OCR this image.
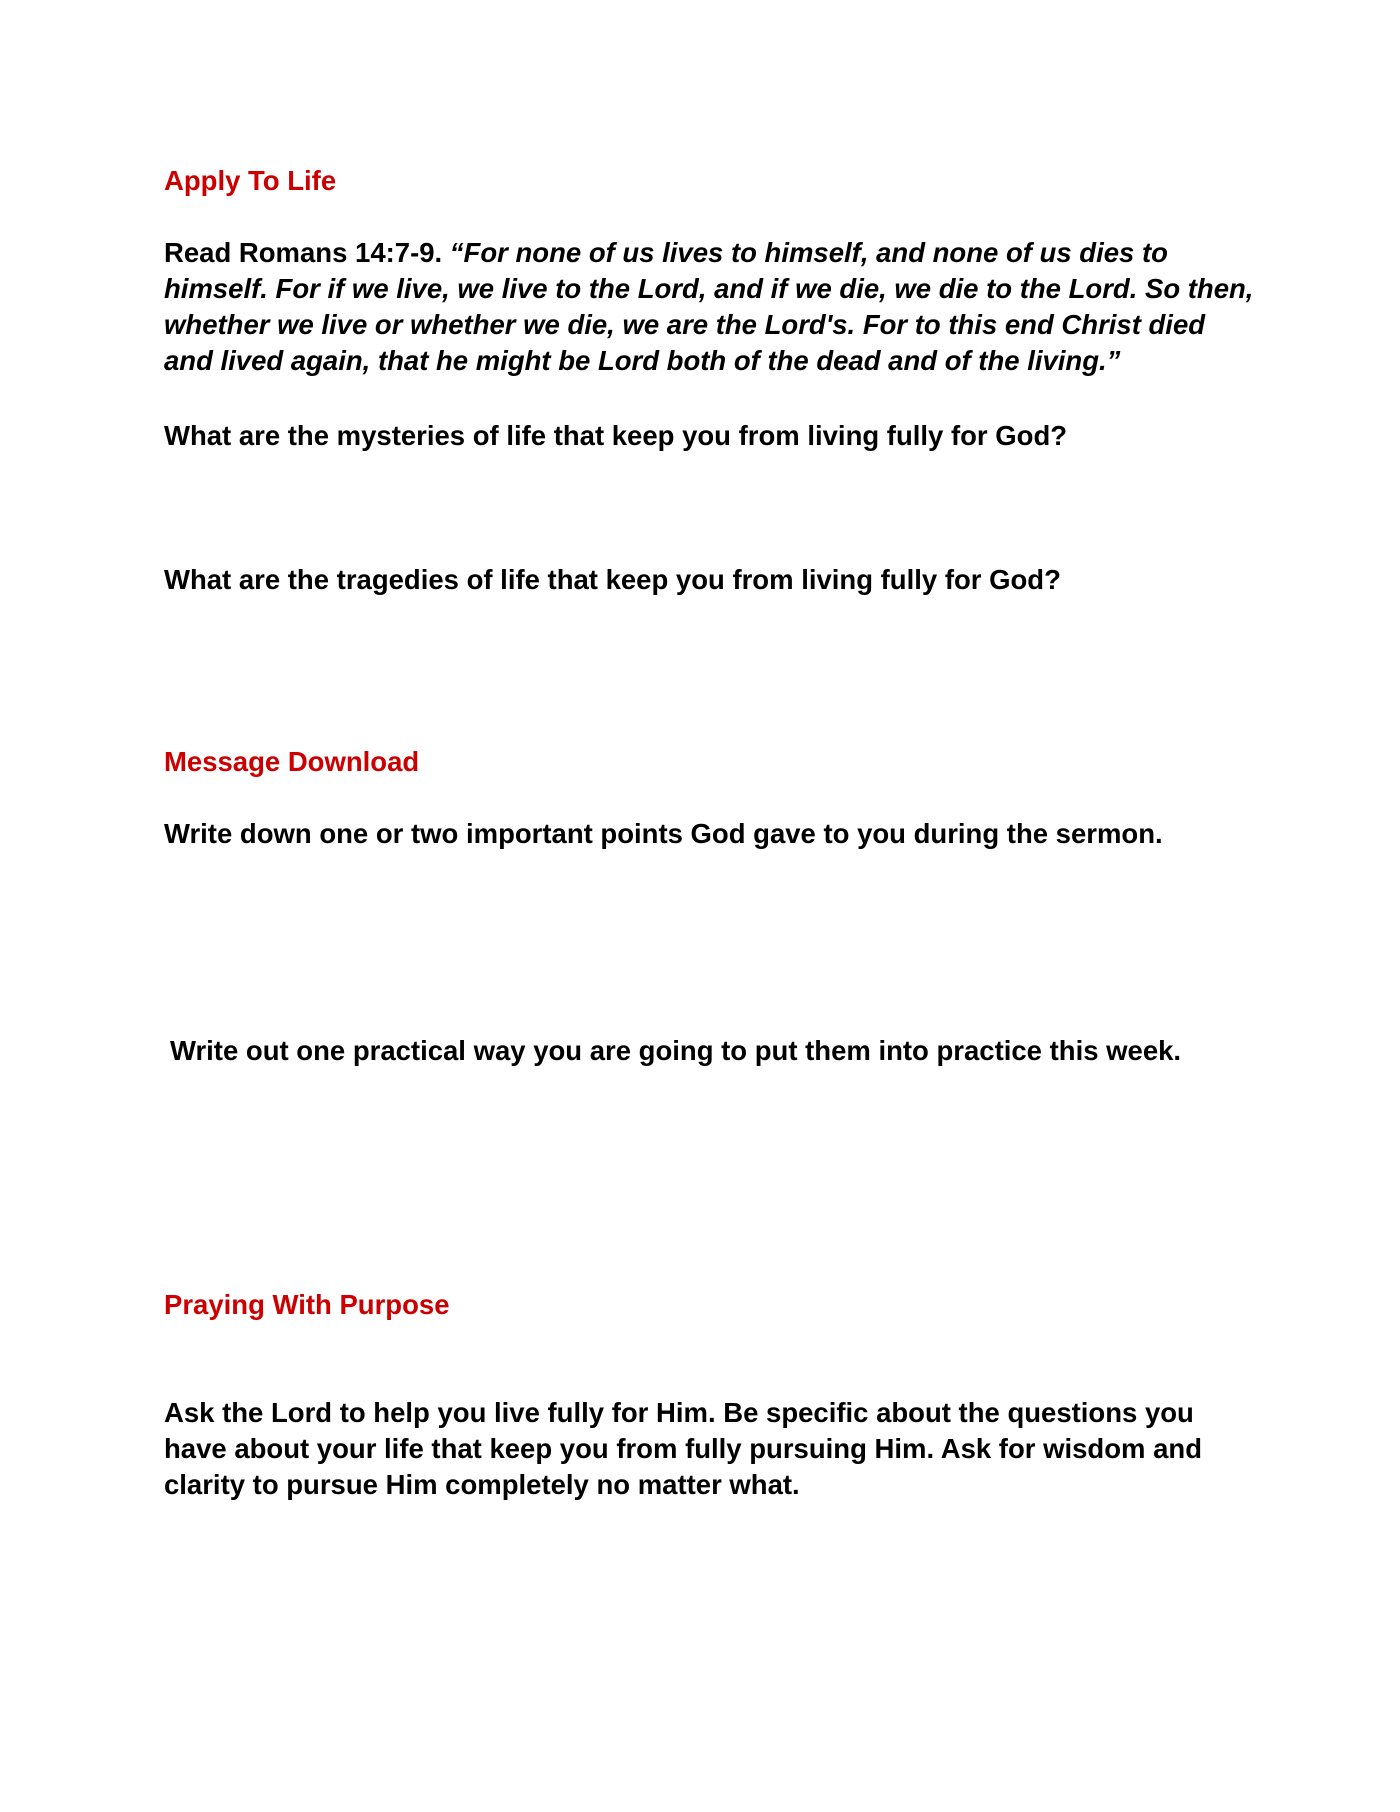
Apply To Life

Read Romans 14:7-9. “For none of us lives to himself, and none of us dies to himself. For if we live, we live to the Lord, and if we die, we die to the Lord. So then, whether we live or whether we die, we are the Lord's. For to this end Christ died and lived again, that he might be Lord both of the dead and of the living.”

What are the mysteries of life that keep you from living fully for God?

What are the tragedies of life that keep you from living fully for God?

Message Download

Write down one or two important points God gave to you during the sermon.

Write out one practical way you are going to put them into practice this week.

Praying With Purpose

Ask the Lord to help you live fully for Him. Be specific about the questions you have about your life that keep you from fully pursuing Him. Ask for wisdom and clarity to pursue Him completely no matter what.
